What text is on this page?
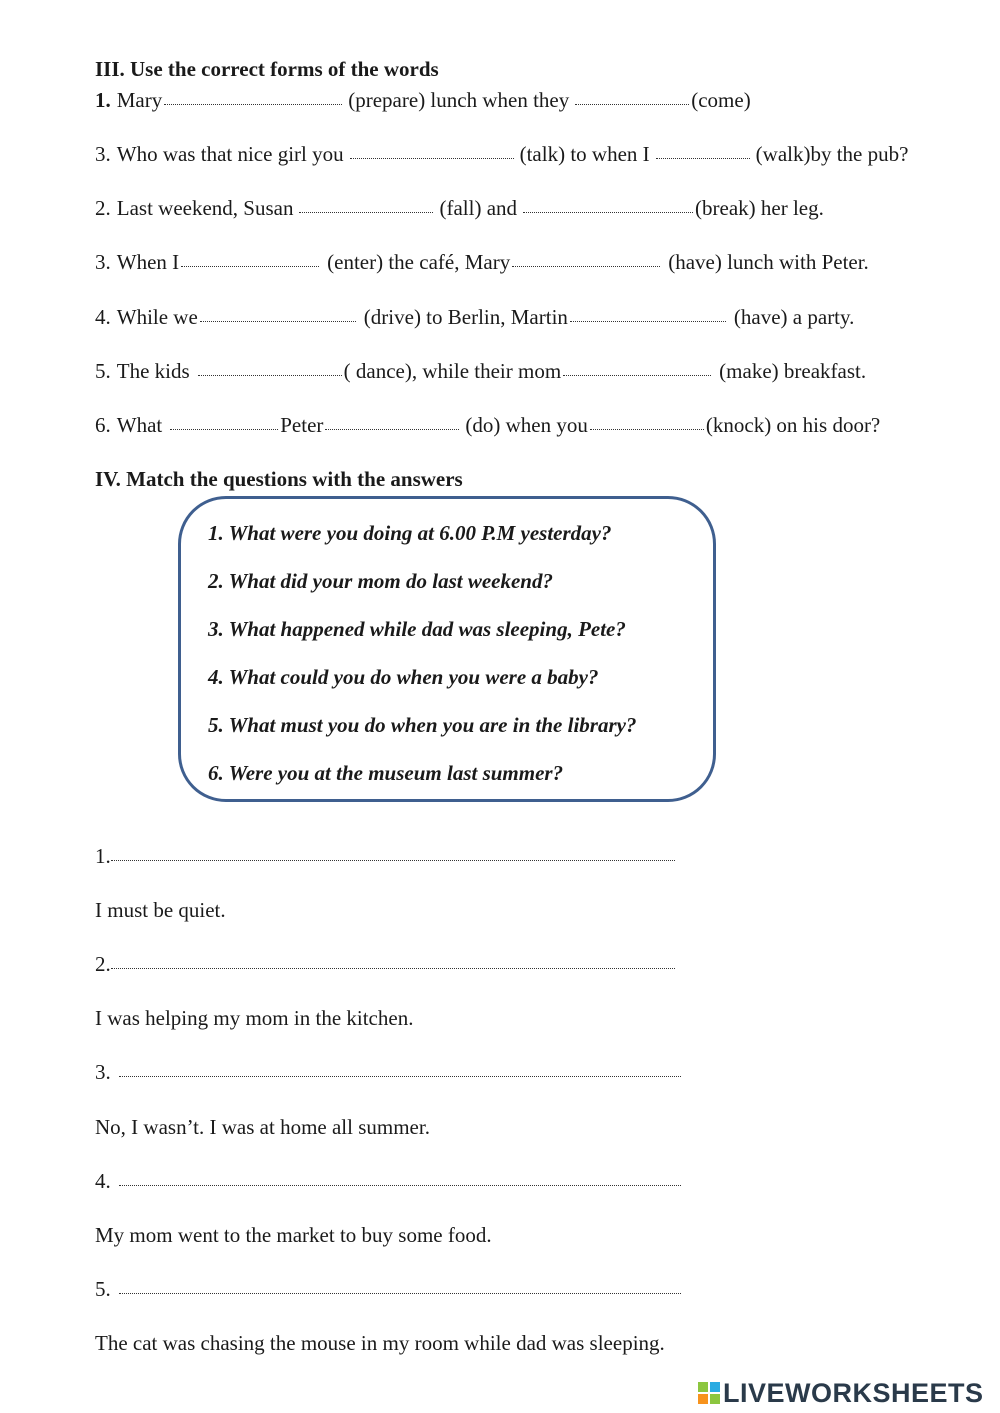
III. Use the correct forms of the words
1. Mary	(prepare) lunch when they	(come)
3. Who was that nice girl you	(talk) to when I	(walk)by the pub?
2. Last weekend, Susan	(fall) and	(break) her leg.
3. When I	(enter) the café, Mary	(have) lunch with Peter.
4. While we	(drive) to Berlin, Martin	(have) a party.
5. The kids	( dance), while their mom	(make) breakfast.
6. What	Peter	(do) when you	(knock) on his door?
IV. Match the questions with the answers
1. What were you doing at 6.00 P.M yesterday?
2. What did your mom do last weekend?
3. What happened while dad was sleeping, Pete?
4. What could you do when you were a baby?
5. What must you do when you are in the library?
6. Were you at the museum last summer?
1.
I must be quiet.
2.
I was helping my mom in the kitchen.
3.
No, I wasn’t. I was at home all summer.
4.
My mom went to the market to buy some food.
5.
The cat was chasing the mouse in my room while dad was sleeping.
LIVEWORKSHEETS
